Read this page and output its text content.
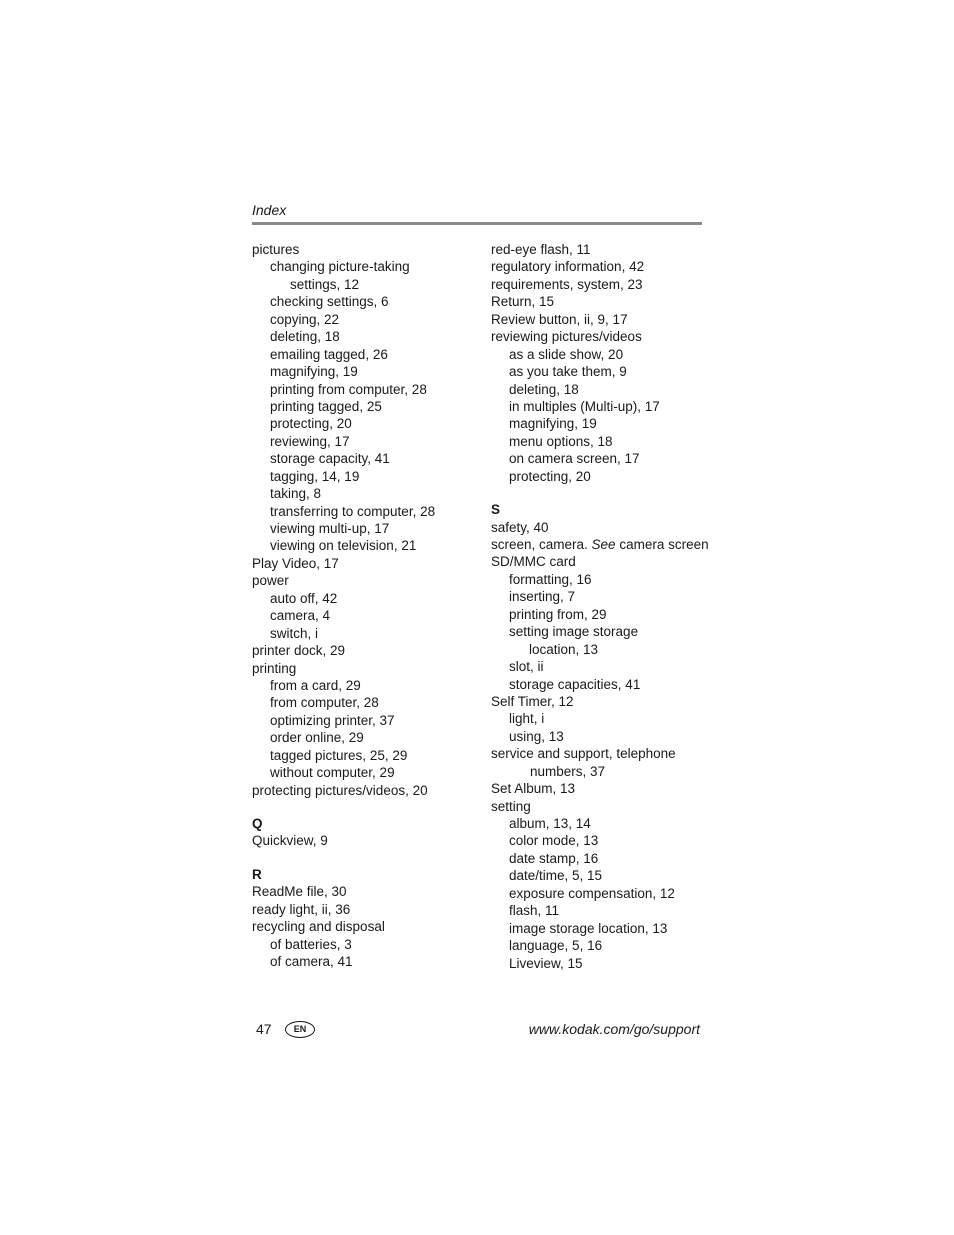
Index
pictures
changing picture-taking
settings, 12
checking settings, 6
copying, 22
deleting, 18
emailing tagged, 26
magnifying, 19
printing from computer, 28
printing tagged, 25
protecting, 20
reviewing, 17
storage capacity, 41
tagging, 14, 19
taking, 8
transferring to computer, 28
viewing multi-up, 17
viewing on television, 21
Play Video, 17
power
auto off, 42
camera, 4
switch, i
printer dock, 29
printing
from a card, 29
from computer, 28
optimizing printer, 37
order online, 29
tagged pictures, 25, 29
without computer, 29
protecting pictures/videos, 20
Q
Quickview, 9
R
ReadMe file, 30
ready light, ii, 36
recycling and disposal
of batteries, 3
of camera, 41
red-eye flash, 11
regulatory information, 42
requirements, system, 23
Return, 15
Review button, ii, 9, 17
reviewing pictures/videos
as a slide show, 20
as you take them, 9
deleting, 18
in multiples (Multi-up), 17
magnifying, 19
menu options, 18
on camera screen, 17
protecting, 20
S
safety, 40
screen, camera. See camera screen
SD/MMC card
formatting, 16
inserting, 7
printing from, 29
setting image storage
location, 13
slot, ii
storage capacities, 41
Self Timer, 12
light, i
using, 13
service and support, telephone
numbers, 37
Set Album, 13
setting
album, 13, 14
color mode, 13
date stamp, 16
date/time, 5, 15
exposure compensation, 12
flash, 11
image storage location, 13
language, 5, 16
Liveview, 15
47	EN	www.kodak.com/go/support
